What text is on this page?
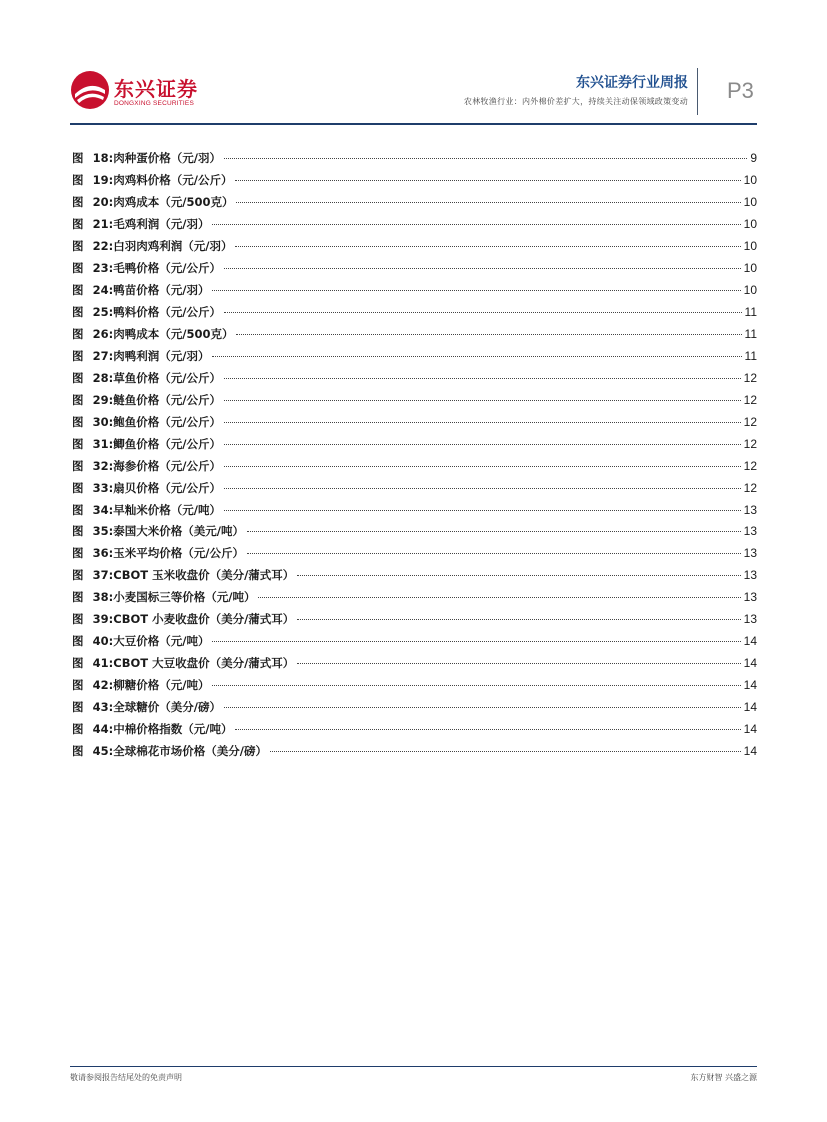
东兴证券
DONGXING SECURITIES
东兴证券行业周报
农林牧渔行业：内外棉价差扩大，持续关注动保领域政策变动 P3
图 18:肉种蛋价格（元/羽）	9
图 19:肉鸡料价格（元/公斤）	10
图 20:肉鸡成本（元/500克）	10
图 21:毛鸡利润（元/羽）	10
图 22:白羽肉鸡利润（元/羽）	10
图 23:毛鸭价格（元/公斤）	10
图 24:鸭苗价格（元/羽）	10
图 25:鸭料价格（元/公斤）	11
图 26:肉鸭成本（元/500克）	11
图 27:肉鸭利润（元/羽）	11
图 28:草鱼价格（元/公斤）	12
图 29:鲢鱼价格（元/公斤）	12
图 30:鲍鱼价格（元/公斤）	12
图 31:鲫鱼价格（元/公斤）	12
图 32:海参价格（元/公斤）	12
图 33:扇贝价格（元/公斤）	12
图 34:早籼米价格（元/吨）	13
图 35:泰国大米价格（美元/吨）	13
图 36:玉米平均价格（元/公斤）	13
图 37:CBOT 玉米收盘价（美分/蒲式耳）	13
图 38:小麦国标三等价格（元/吨）	13
图 39:CBOT 小麦收盘价（美分/蒲式耳）	13
图 40:大豆价格（元/吨）	14
图 41:CBOT 大豆收盘价（美分/蒲式耳）	14
图 42:柳糖价格（元/吨）	14
图 43:全球糖价（美分/磅）	14
图 44:中棉价格指数（元/吨）	14
图 45:全球棉花市场价格（美分/磅）	14
敬请参阅报告结尾处的免责声明	东方财智 兴盛之源
